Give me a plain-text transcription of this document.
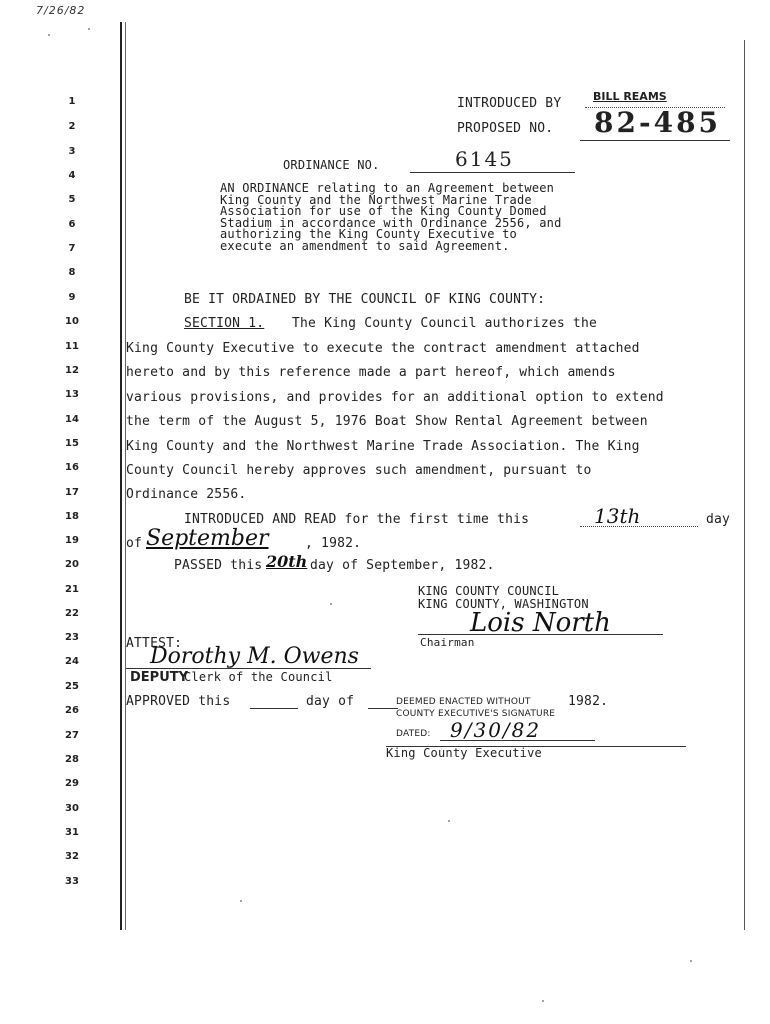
7/26/82
1
2
3
4
5
6
7
8
9
10
11
12
13
14
15
16
17
18
19
20
21
22
23
24
25
26
27
28
29
30
31
32
33
INTRODUCED BY	BILL REAMS
PROPOSED NO. 82-485
ORDINANCE NO.	6145
AN ORDINANCE relating to an Agreement between
King County and the Northwest Marine Trade
Association for use of the King County Domed
Stadium in accordance with Ordinance 2556, and
authorizing the King County Executive to
execute an amendment to said Agreement.
BE IT ORDAINED BY THE COUNCIL OF KING COUNTY:
SECTION 1. The King County Council authorizes the
King County Executive to execute the contract amendment attached
hereto and by this reference made a part hereof, which amends
various provisions, and provides for an additional option to extend
the term of the August 5, 1976 Boat Show Rental Agreement between
King County and the Northwest Marine Trade Association. The King
County Council hereby approves such amendment, pursuant to
Ordinance 2556.
INTRODUCED AND READ for the first time this	13th	day
of September	, 1982.
PASSED this 20th day of September, 1982.
KING COUNTY COUNCIL
KING COUNTY, WASHINGTON
Lois North
Chairman
ATTEST:
Dorothy M. Owens
DEPUTY
Clerk of the Council
APPROVED this	day of	DEEMED ENACTED WITHOUT	1982.
COUNTY EXECUTIVE'S SIGNATURE
DATED: 9/30/82
King County Executive
